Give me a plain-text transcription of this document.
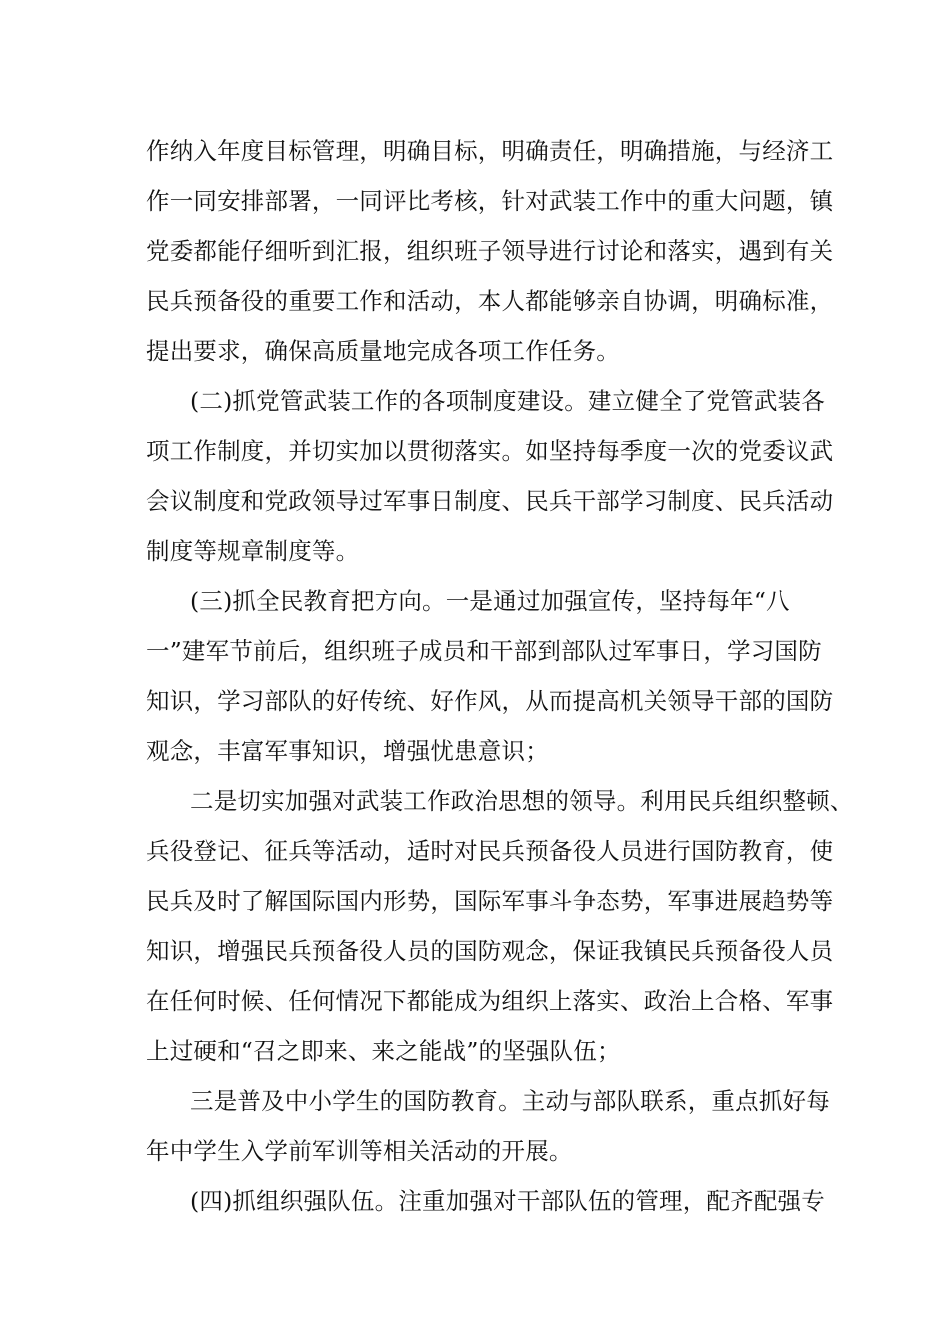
作纳入年度目标管理，明确目标，明确责任，明确措施，与经济工
作一同安排部署，一同评比考核，针对武装工作中的重大问题，镇
党委都能仔细听到汇报，组织班子领导进行讨论和落实，遇到有关
民兵预备役的重要工作和活动，本人都能够亲自协调，明确标准，
提出要求，确保高质量地完成各项工作任务。
(二)抓党管武装工作的各项制度建设。建立健全了党管武装各
项工作制度，并切实加以贯彻落实。如坚持每季度一次的党委议武
会议制度和党政领导过军事日制度、民兵干部学习制度、民兵活动
制度等规章制度等。
(三)抓全民教育把方向。一是通过加强宣传，坚持每年“八
一”建军节前后，组织班子成员和干部到部队过军事日，学习国防
知识，学习部队的好传统、好作风，从而提高机关领导干部的国防
观念，丰富军事知识，增强忧患意识；
二是切实加强对武装工作政治思想的领导。利用民兵组织整顿、
兵役登记、征兵等活动，适时对民兵预备役人员进行国防教育，使
民兵及时了解国际国内形势，国际军事斗争态势，军事进展趋势等
知识，增强民兵预备役人员的国防观念，保证我镇民兵预备役人员
在任何时候、任何情况下都能成为组织上落实、政治上合格、军事
上过硬和“召之即来、来之能战”的坚强队伍；
三是普及中小学生的国防教育。主动与部队联系，重点抓好每
年中学生入学前军训等相关活动的开展。
(四)抓组织强队伍。注重加强对干部队伍的管理，配齐配强专
